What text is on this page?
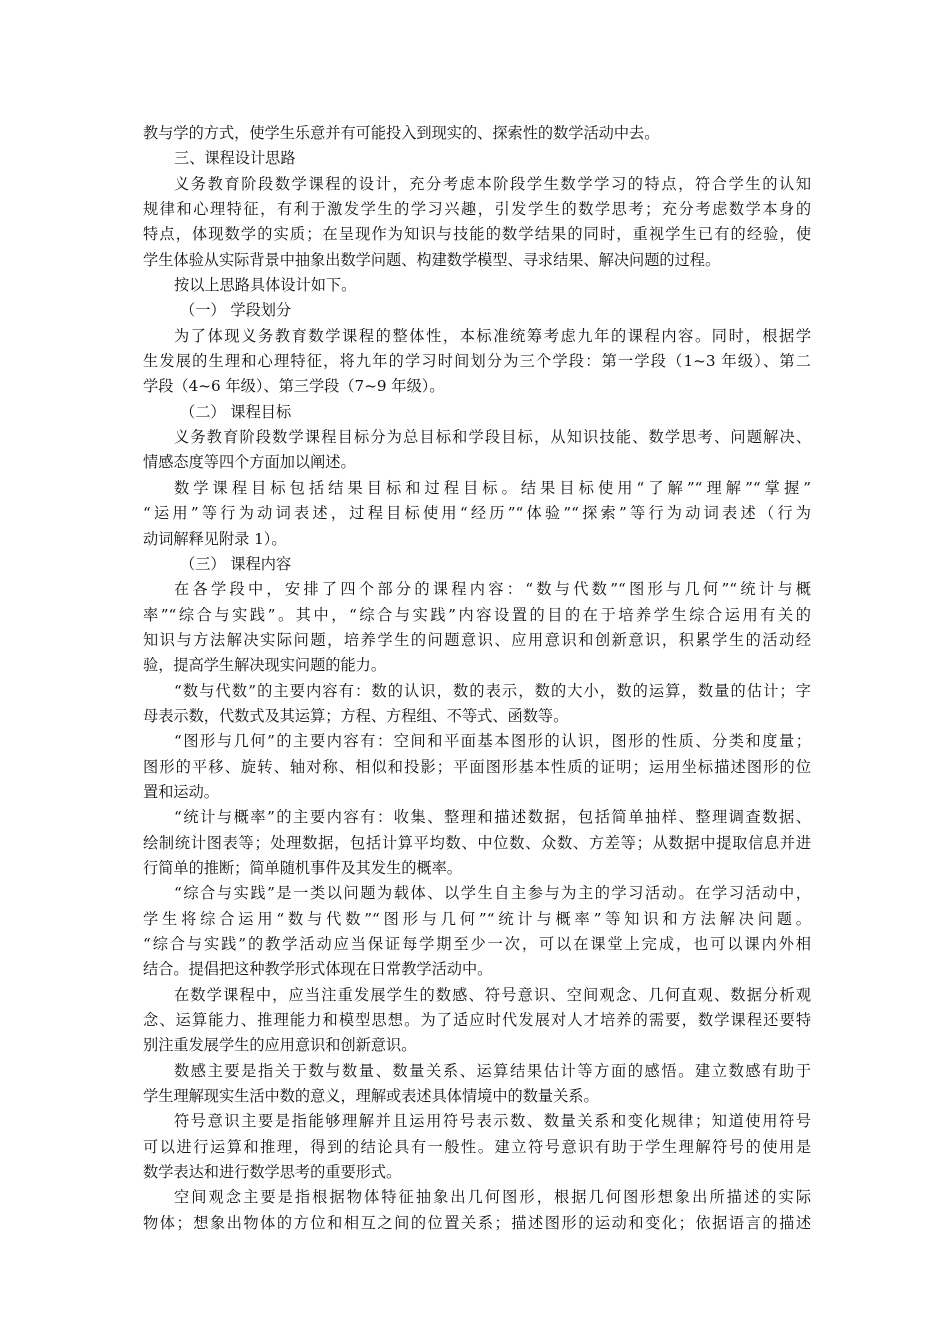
教与学的方式，使学生乐意并有可能投入到现实的、探索性的数学活动中去。
三、课程设计思路
义务教育阶段数学课程的设计，充分考虑本阶段学生数学学习的特点，符合学生的认知
规律和心理特征，有利于激发学生的学习兴趣，引发学生的数学思考；充分考虑数学本身的
特点，体现数学的实质；在呈现作为知识与技能的数学结果的同时，重视学生已有的经验，使
学生体验从实际背景中抽象出数学问题、构建数学模型、寻求结果、解决问题的过程。
按以上思路具体设计如下。
（一） 学段划分
为了体现义务教育数学课程的整体性，本标准统筹考虑九年的课程内容。同时，根据学
生发展的生理和心理特征，将九年的学习时间划分为三个学段：第一学段（1~3 年级）、第二
学段（4~6 年级）、第三学段（7~9 年级）。
（二） 课程目标
义务教育阶段数学课程目标分为总目标和学段目标，从知识技能、数学思考、问题解决、
情感态度等四个方面加以阐述。
数学课程目标包括结果目标和过程目标。结果目标使用“了解”“理解”“掌握”
“运用”等行为动词表述，过程目标使用“经历”“体验”“探索”等行为动词表述（行为
动词解释见附录 1）。
（三） 课程内容
在各学段中，安排了四个部分的课程内容：“数与代数”“图形与几何”“统计与概
率”“综合与实践”。其中，“综合与实践”内容设置的目的在于培养学生综合运用有关的
知识与方法解决实际问题，培养学生的问题意识、应用意识和创新意识，积累学生的活动经
验，提高学生解决现实问题的能力。
“数与代数”的主要内容有：数的认识，数的表示，数的大小，数的运算，数量的估计；字
母表示数，代数式及其运算；方程、方程组、不等式、函数等。
“图形与几何”的主要内容有：空间和平面基本图形的认识，图形的性质、分类和度量；
图形的平移、旋转、轴对称、相似和投影；平面图形基本性质的证明；运用坐标描述图形的位
置和运动。
“统计与概率”的主要内容有：收集、整理和描述数据，包括简单抽样、整理调查数据、
绘制统计图表等；处理数据，包括计算平均数、中位数、众数、方差等；从数据中提取信息并进
行简单的推断；简单随机事件及其发生的概率。
“综合与实践”是一类以问题为载体、以学生自主参与为主的学习活动。在学习活动中，
学生将综合运用“数与代数”“图形与几何”“统计与概率”等知识和方法解决问题。
“综合与实践”的教学活动应当保证每学期至少一次，可以在课堂上完成，也可以课内外相
结合。提倡把这种教学形式体现在日常教学活动中。
在数学课程中，应当注重发展学生的数感、符号意识、空间观念、几何直观、数据分析观
念、运算能力、推理能力和模型思想。为了适应时代发展对人才培养的需要，数学课程还要特
别注重发展学生的应用意识和创新意识。
数感主要是指关于数与数量、数量关系、运算结果估计等方面的感悟。建立数感有助于
学生理解现实生活中数的意义，理解或表述具体情境中的数量关系。
符号意识主要是指能够理解并且运用符号表示数、数量关系和变化规律；知道使用符号
可以进行运算和推理，得到的结论具有一般性。建立符号意识有助于学生理解符号的使用是
数学表达和进行数学思考的重要形式。
空间观念主要是指根据物体特征抽象出几何图形，根据几何图形想象出所描述的实际
物体；想象出物体的方位和相互之间的位置关系；描述图形的运动和变化；依据语言的描述
